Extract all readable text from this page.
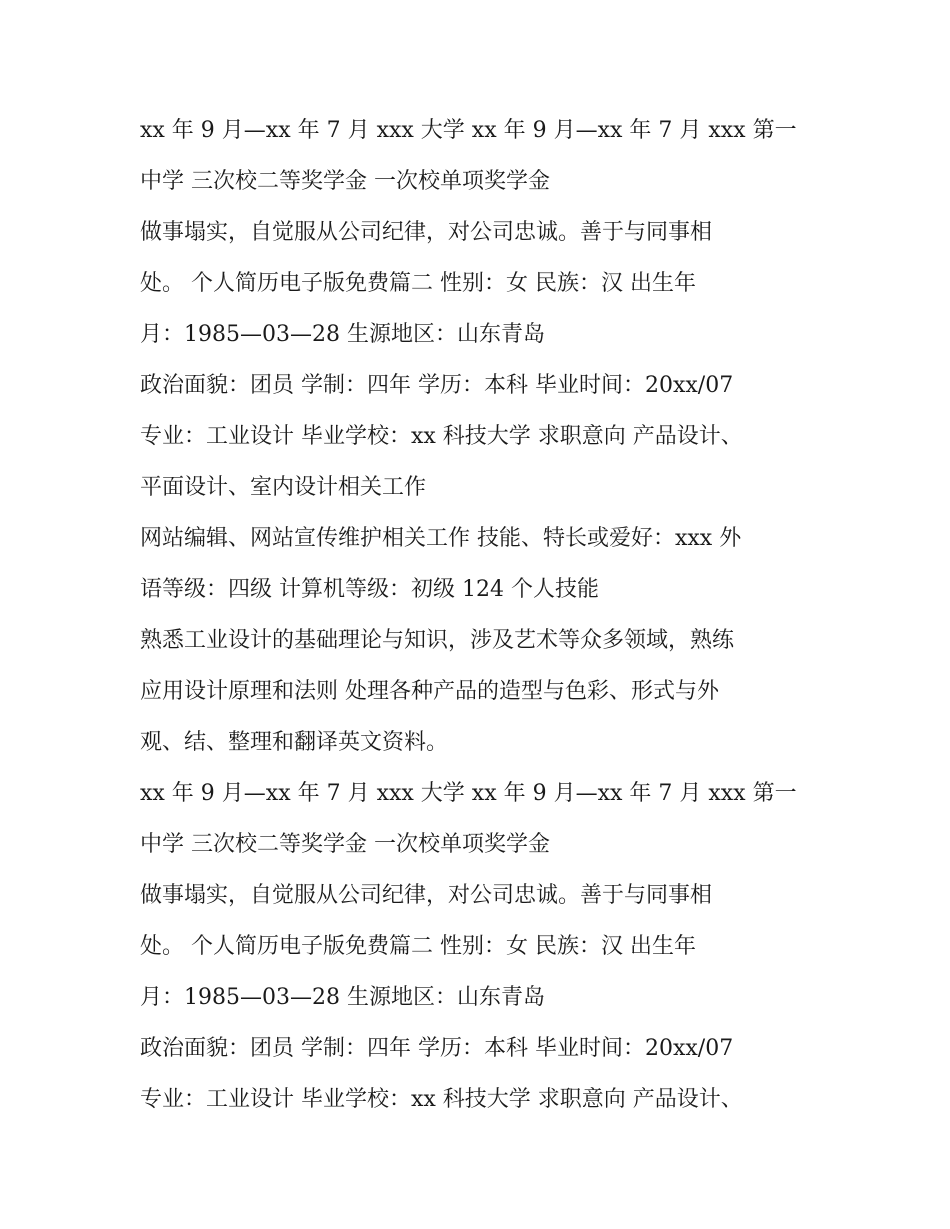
xx 年 9 月—xx 年 7 月 xxx 大学 xx 年 9 月—xx 年 7 月 xxx 第一
中学 三次校二等奖学金 一次校单项奖学金
做事塌实，自觉服从公司纪律，对公司忠诚。善于与同事相
处。 个人简历电子版免费篇二 性别：女 民族：汉 出生年
月：1985—03—28 生源地区：山东青岛
政治面貌：团员 学制：四年 学历：本科 毕业时间：20xx/07
专业：工业设计 毕业学校：xx 科技大学 求职意向 产品设计、
平面设计、室内设计相关工作
网站编辑、网站宣传维护相关工作 技能、特长或爱好：xxx 外
语等级：四级 计算机等级：初级 124 个人技能
熟悉工业设计的基础理论与知识，涉及艺术等众多领域，熟练
应用设计原理和法则 处理各种产品的造型与色彩、形式与外
观、结、整理和翻译英文资料。
xx 年 9 月—xx 年 7 月 xxx 大学 xx 年 9 月—xx 年 7 月 xxx 第一
中学 三次校二等奖学金 一次校单项奖学金
做事塌实，自觉服从公司纪律，对公司忠诚。善于与同事相
处。 个人简历电子版免费篇二 性别：女 民族：汉 出生年
月：1985—03—28 生源地区：山东青岛
政治面貌：团员 学制：四年 学历：本科 毕业时间：20xx/07
专业：工业设计 毕业学校：xx 科技大学 求职意向 产品设计、
